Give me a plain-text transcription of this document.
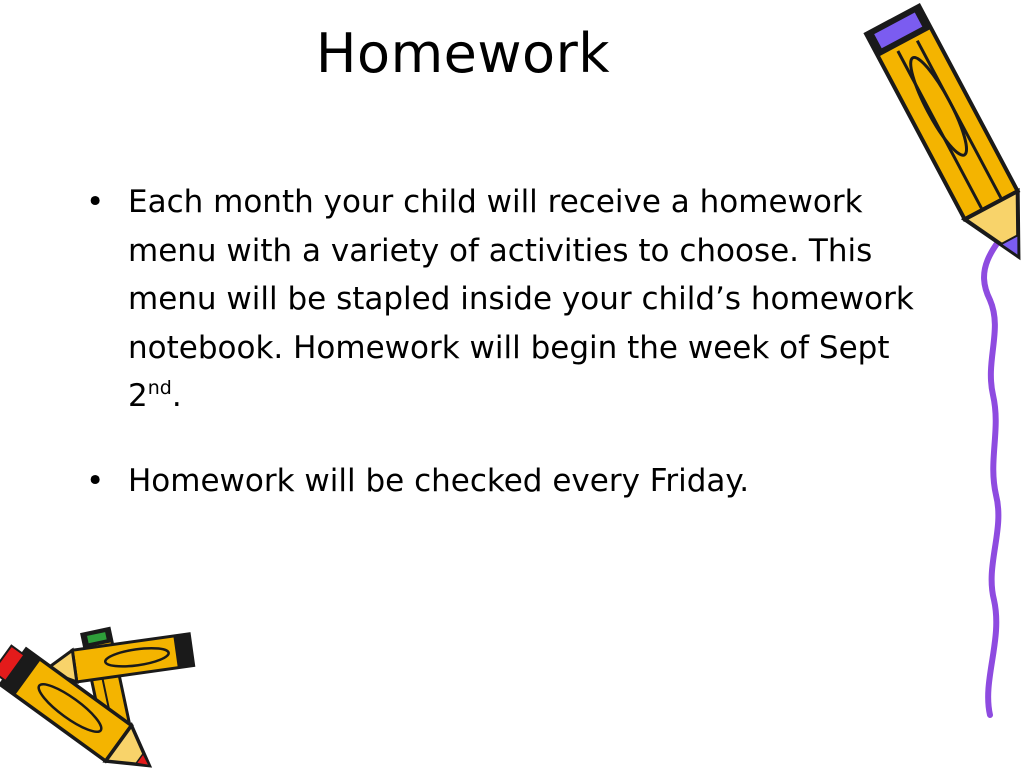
Homework
• Each month your child will receive a homework menu with a variety of activities to choose. This menu will be stapled inside your child’s homework notebook. Homework will begin the week of Sept 2nd.
• Homework will be checked every Friday.
